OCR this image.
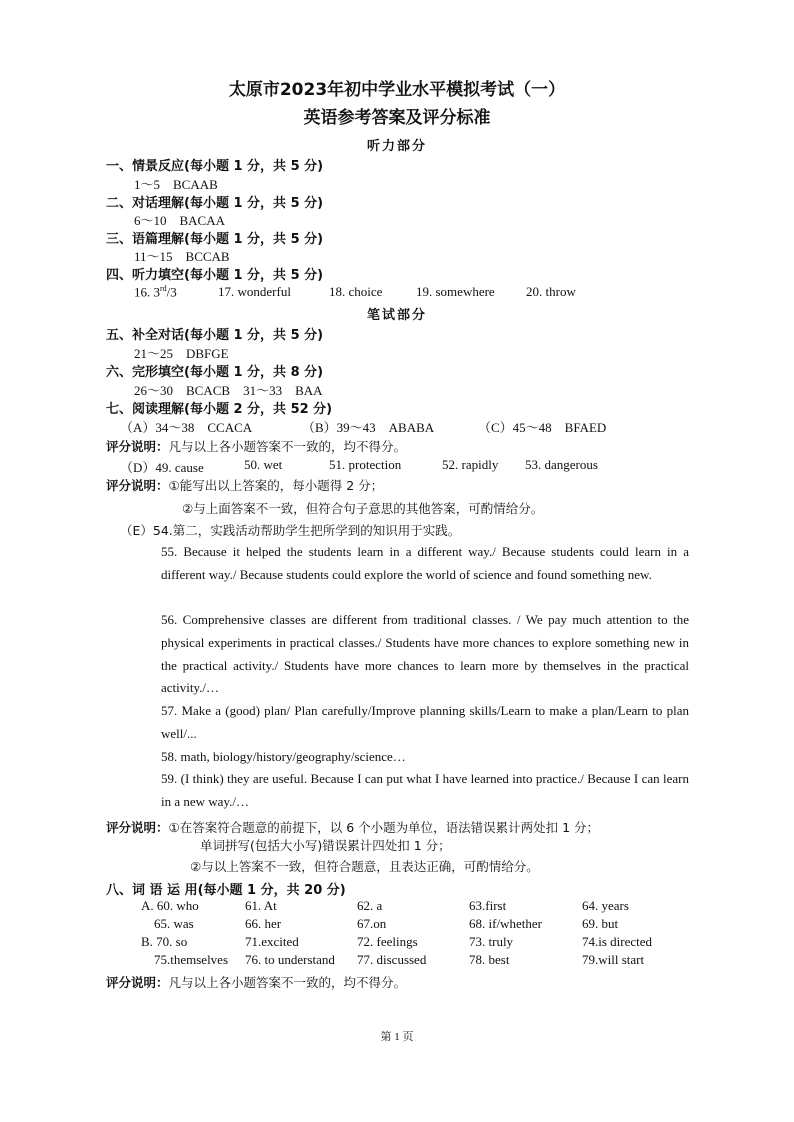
太原市2023年初中学业水平模拟考试（一）
英语参考答案及评分标准
听力部分
一、情景反应(每小题 1 分，共 5 分)
1～5　BCAAB
二、对话理解(每小题 1 分，共 5 分)
6～10　BACAA
三、语篇理解(每小题 1 分，共 5 分)
11～15　BCCAB
四、听力填空(每小题 1 分，共 5 分)
16. 3rd/3	17. wonderful	18. choice	19. somewhere 20. throw
笔试部分
五、补全对话(每小题 1 分，共 5 分)
21～25　DBFGE
六、完形填空(每小题 1 分，共 8 分)
26～30　BCACB　31～33　BAA
七、阅读理解(每小题 2 分，共 52 分)
（A）34～38　CCACA	（B）39～43　ABABA	（C）45～48　BFAED
评分说明：凡与以上各小题答案不一致的，均不得分。
（D）49. cause	50. wet	51. protection	52. rapidly 53. dangerous
评分说明：①能写出以上答案的，每小题得 2 分；
②与上面答案不一致，但符合句子意思的其他答案，可酌情给分。
（E）54.第二，实践活动帮助学生把所学到的知识用于实践。
55. Because it helped the students learn in a different way./ Because students could learn in a different way./ Because students could explore the world of science and found something new.
56. Comprehensive classes are different from traditional classes. / We pay much attention to the physical experiments in practical classes./ Students have more chances to explore something new in the practical activity./ Students have more chances to learn more by themselves in the practical activity./…
57. Make a (good) plan/ Plan carefully/Improve planning skills/Learn to make a plan/Learn to plan well/...
58. math, biology/history/geography/science…
59. (I think) they are useful. Because I can put what I have learned into practice./ Because I can learn in a new way./…
评分说明：①在答案符合题意的前提下，以 6 个小题为单位，语法错误累计两处扣 1 分；
单词拼写(包括大小写)错误累计四处扣 1 分；
②与以上答案不一致，但符合题意，且表达正确，可酌情给分。
八、词 语 运 用(每小题 1 分，共 20 分)
A. 60. who	61. At	62. a	63.first	64. years
65. was	66. her	67.on	68. if/whether	69. but
B. 70. so	71.excited	72. feelings	73. truly	74.is directed
75.themselves 76. to understand 77. discussed	78. best	79.will start
评分说明：凡与以上各小题答案不一致的，均不得分。
第 1 页
